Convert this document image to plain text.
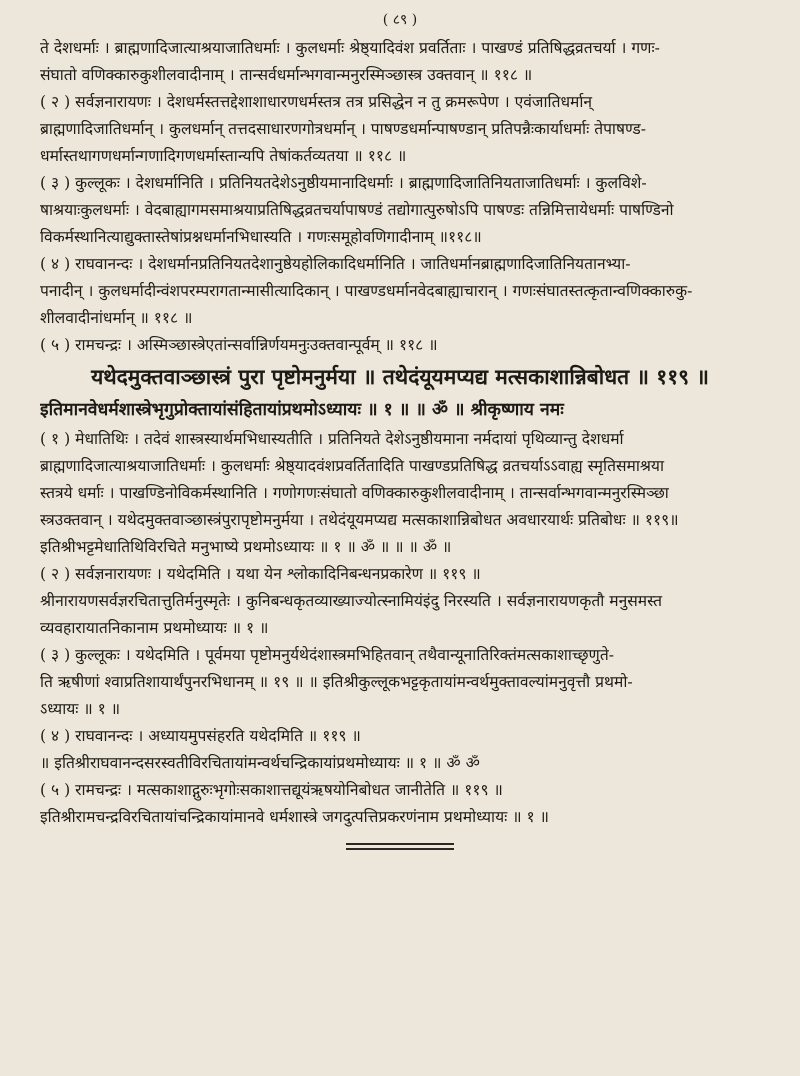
( ८९ )
ते देशधर्माः । ब्राह्मणादिजात्याश्रयाजातिधर्माः । कुलधर्माः श्रेष्ठ्यादिवंश प्रवर्तिताः । पाखण्डं प्रतिषिद्धव्रतचर्या । गणः-
संघातो वणिक्कारुकुशीलवादीनाम् । तान्सर्वधर्मान्भगवान्मनुरस्मिञ्छास्त्र उक्तवान् ॥ ११८ ॥
( २ ) सर्वज्ञनारायणः । देशधर्मस्तत्तद्देशाशाधारणधर्मस्तत्र तत्र प्रसिद्धेन न तु क्रमरूपेण । एवंजातिधर्मान्
ब्राह्मणादिजातिधर्मान् । कुलधर्मान् तत्तदसाधारणगोत्रधर्मान् । पाषण्डधर्मान्पाषण्डान् प्रतिपन्नैःकार्याधर्माः तेपाषण्ड-
धर्मास्तथागणधर्मान्गणादिगणधर्मास्तान्यपि तेषांकर्तव्यतया ॥ ११८ ॥
( ३ ) कुल्लूकः । देशधर्मानिति । प्रतिनियतदेशेऽनुष्ठीयमानादिधर्माः । ब्राह्मणादिजातिनियताजातिधर्माः । कुलविशे-
षाश्रयाःकुलधर्माः । वेदबाह्यागमसमाश्रयाप्रतिषिद्धव्रतचर्यापाषण्डं तद्योगात्पुरुषोऽपि पाषण्डः तन्निमित्तायेधर्माः पाषण्डिनो
विकर्मस्थानित्याद्युक्तास्तेषांप्रश्नधर्मानभिधास्यति । गणःसमूहोवणिगादीनाम् ॥११८॥
( ४ ) राघवानन्दः । देशधर्मानप्रतिनियतदेशानुष्ठेयहोलिकादिधर्मानिति । जातिधर्मानब्राह्मणादिजातिनियतानभ्या-
पनादीन् । कुलधर्मादीन्वंशपरम्परागतान्मासीत्यादिकान् । पाखण्डधर्मानवेदबाह्याचारान् । गणःसंघातस्तत्कृतान्वणिक्कारुकु-
शीलवादीनांधर्मान् ॥ ११८ ॥
( ५ ) रामचन्द्रः । अस्मिञ्छास्त्रेएतांन्सर्वान्निर्णयमनुःउक्तवान्पूर्वम् ॥ ११८ ॥
यथेदमुक्तवाञ्छास्त्रं पुरा पृष्टोमनुर्मया ॥ तथेदंयूयमप्यद्य मत्सकाशान्निबोधत ॥ ११९ ॥
इतिमानवेधर्मशास्त्रेभृगुप्रोक्तायांसंहितायांप्रथमोऽध्यायः ॥ १ ॥ ॥ ॐ ॥ श्रीकृष्णाय नमः
( १ ) मेधातिथिः । तदेवं शास्त्रस्यार्थमभिधास्यतीति । प्रतिनियते देशेऽनुष्ठीयमाना नर्मदायां पृथिव्यान्तु देशधर्मा
ब्राह्मणादिजात्याश्रयाजातिधर्माः । कुलधर्माः श्रेष्ठ्यादवंशप्रवर्तितादिति पाखण्डप्रतिषिद्ध व्रतचर्याऽऽवाह्य स्मृतिसमाश्रया
स्तत्रये धर्माः । पाखण्डिनोविकर्मस्थानिति । गणोगणःसंघातो वणिक्कारुकुशीलवादीनाम् । तान्सर्वान्भगवान्मनुरस्मिञ्छा
स्त्रउक्तवान् । यथेदमुक्तवाञ्छास्त्रंपुरापृष्टोमनुर्मया । तथेदंयूयमप्यद्य मत्सकाशान्निबोधत अवधारयार्थः प्रतिबोधः ॥ ११९॥
इतिश्रीभट्टमेधातिथिविरचिते मनुभाष्ये प्रथमोऽध्यायः ॥ १ ॥ ॐ ॥ ॥ ॥ ॐ ॥
( २ ) सर्वज्ञनारायणः । यथेदमिति । यथा येन श्लोकादिनिबन्धनप्रकारेण ॥ ११९ ॥
श्रीनारायणसर्वज्ञरचितात्तुतिर्मनुस्मृतेः । कुनिबन्धकृतव्याख्याज्योत्स्नामियंइंदु निरस्यति । सर्वज्ञनारायणकृतौ मनुसमस्त
व्यवहारायातनिकानाम प्रथमोध्यायः ॥ १ ॥
( ३ ) कुल्लूकः । यथेदमिति । पूर्वमया पृष्टोमनुर्यथेदंशास्त्रमभिहितवान् तथैवान्यूनातिरिक्तंमत्सकाशाच्छृणुते-
ति ऋषीणां श्वाप्रतिशायार्थंपुनरभिधानम् ॥ १९ ॥ ॥ इतिश्रीकुल्लूकभट्टकृतायांमन्वर्थमुक्तावल्यांमनुवृत्तौ प्रथमो-
ऽध्यायः ॥ १ ॥
( ४ ) राघवानन्दः । अध्यायमुपसंहरति यथेदमिति ॥ ११९ ॥
॥ इतिश्रीराघवानन्दसरस्वतीविरचितायांमन्वर्थचन्द्रिकायांप्रथमोध्यायः ॥ १ ॥ ॐ ॐ
( ५ ) रामचन्द्रः । मत्सकाशाद्गुरुःभृगोःसकाशात्तद्यूयंऋषयोनिबोधत जानीतेति ॥ ११९ ॥
इतिश्रीरामचन्द्रविरचितायांचन्द्रिकायांमानवे धर्मशास्त्रे जगदुत्पत्तिप्रकरणंनाम प्रथमोध्यायः ॥ १ ॥
